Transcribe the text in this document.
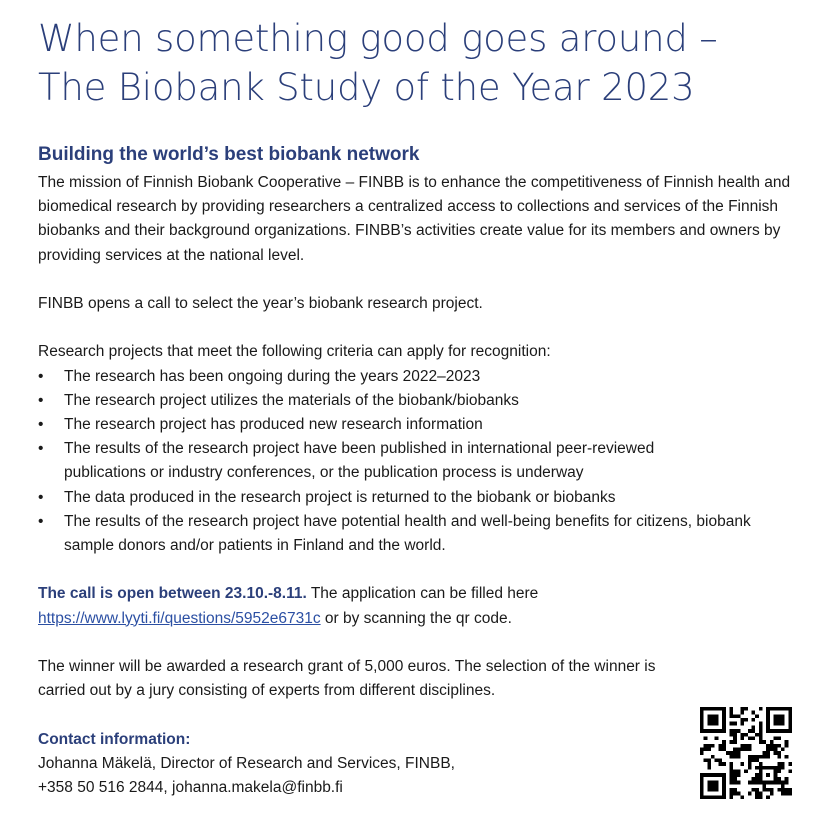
When something good goes around –
The Biobank Study of the Year 2023
Building the world’s best biobank network

The mission of Finnish Biobank Cooperative – FINBB is to enhance the competitiveness of Finnish health and biomedical research by providing researchers a centralized access to collections and services of the Finnish biobanks and their background organizations. FINBB’s activities create value for its members and owners by providing services at the national level.

FINBB opens a call to select the year’s biobank research project.

Research projects that meet the following criteria can apply for recognition:

• The research has been ongoing during the years 2022–2023
• The research project utilizes the materials of the biobank/biobanks
• The research project has produced new research information
• The results of the research project have been published in international peer-reviewed publications or industry conferences, or the publication process is underway
• The data produced in the research project is returned to the biobank or biobanks
• The results of the research project have potential health and well-being benefits for citizens, biobank sample donors and/or patients in Finland and the world.

The call is open between 23.10.-8.11. The application can be filled here
https://www.lyyti.fi/questions/5952e6731c or by scanning the qr code.

The winner will be awarded a research grant of 5,000 euros. The selection of the winner is carried out by a jury consisting of experts from different disciplines.

Contact information:

Johanna Mäkelä, Director of Research and Services, FINBB,

+358 50 516 2844, johanna.makela@finbb.fi
